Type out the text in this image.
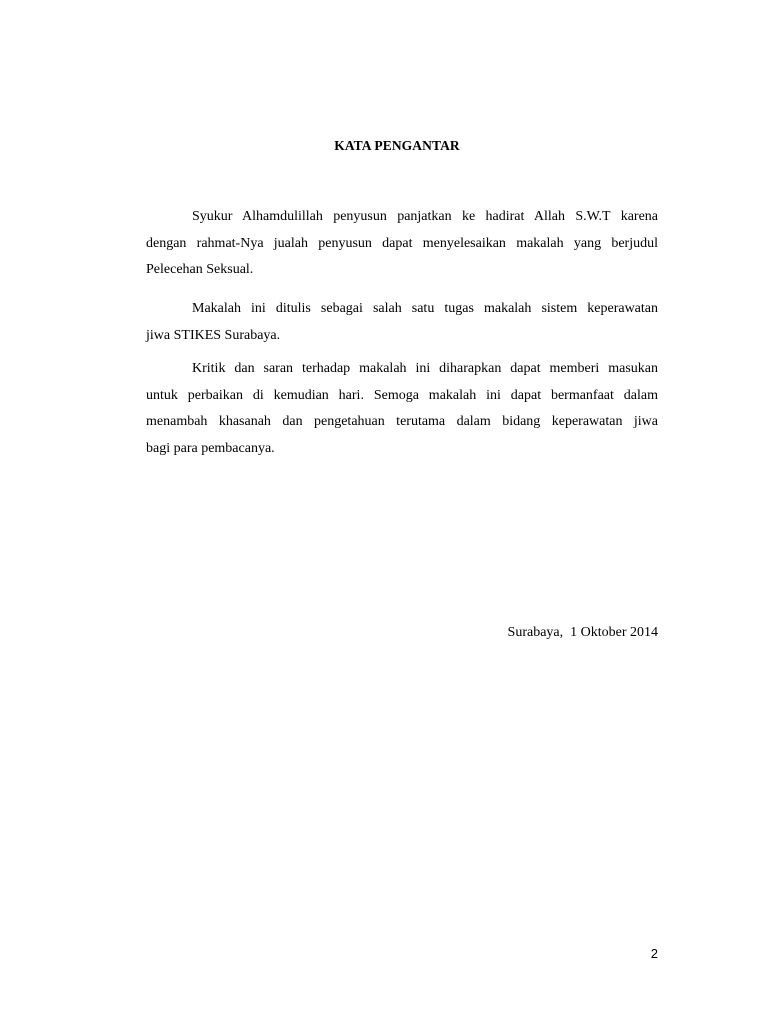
KATA PENGANTAR
Syukur Alhamdulillah penyusun panjatkan ke hadirat Allah S.W.T karena
dengan rahmat-Nya jualah penyusun dapat menyelesaikan makalah yang berjudul
Pelecehan Seksual.
Makalah ini ditulis sebagai salah satu tugas makalah sistem keperawatan
jiwa STIKES Surabaya.
Kritik dan saran terhadap makalah ini diharapkan dapat memberi masukan
untuk perbaikan di kemudian hari. Semoga makalah ini dapat bermanfaat dalam
menambah khasanah dan pengetahuan terutama dalam bidang keperawatan jiwa
bagi para pembacanya.
Surabaya,  1 Oktober 2014
2
